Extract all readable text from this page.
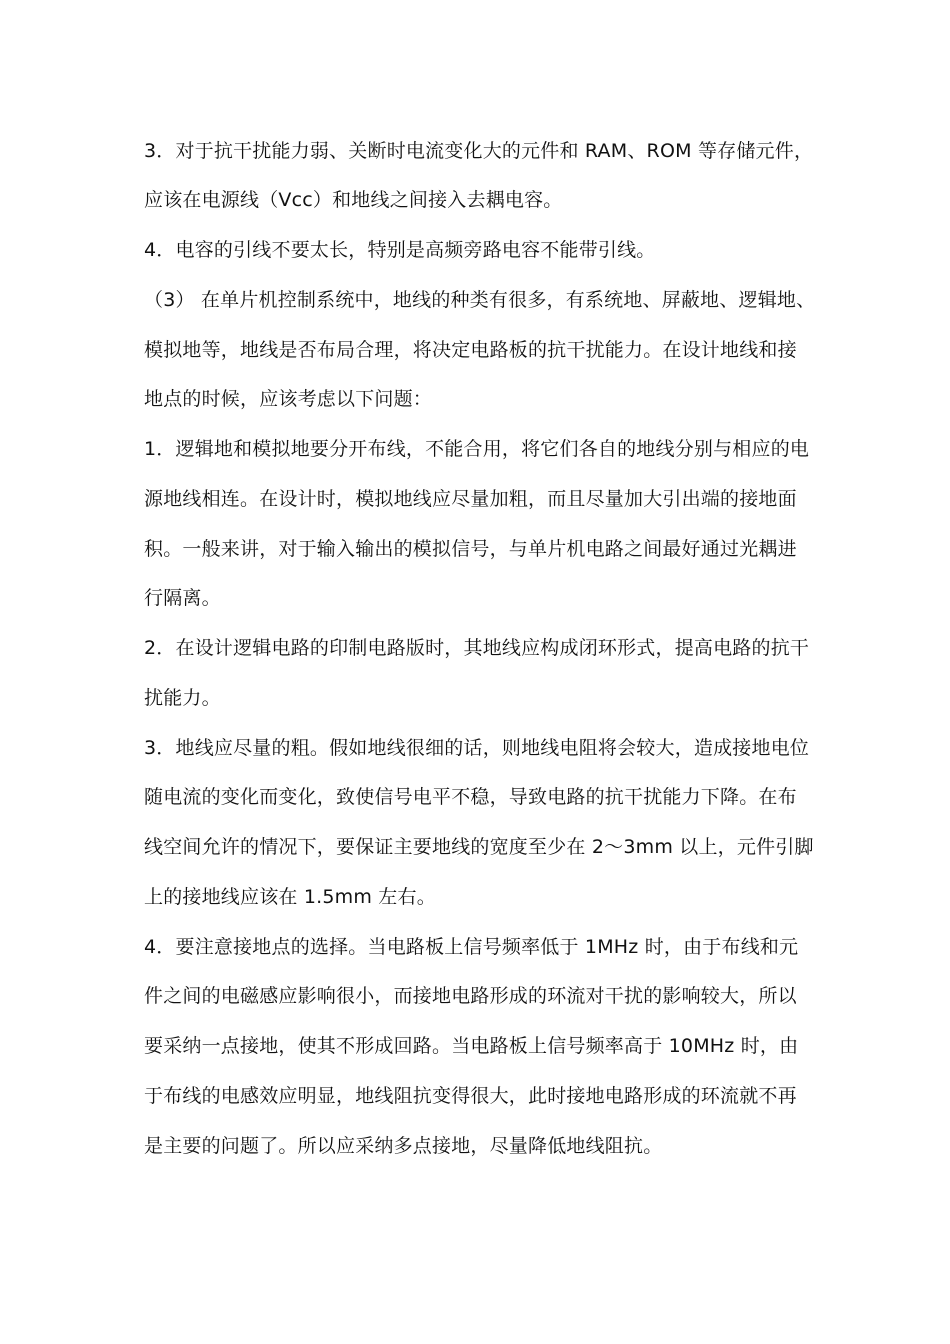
3．对于抗干扰能力弱、关断时电流变化大的元件和 RAM、ROM 等存储元件，
应该在电源线（Vcc）和地线之间接入去耦电容。
4．电容的引线不要太长，特别是高频旁路电容不能带引线。
（3） 在单片机控制系统中，地线的种类有很多，有系统地、屏蔽地、逻辑地、
模拟地等，地线是否布局合理，将决定电路板的抗干扰能力。在设计地线和接
地点的时候，应该考虑以下问题：
1．逻辑地和模拟地要分开布线，不能合用，将它们各自的地线分别与相应的电
源地线相连。在设计时，模拟地线应尽量加粗，而且尽量加大引出端的接地面
积。一般来讲，对于输入输出的模拟信号，与单片机电路之间最好通过光耦进
行隔离。
2．在设计逻辑电路的印制电路版时，其地线应构成闭环形式，提高电路的抗干
扰能力。
3．地线应尽量的粗。假如地线很细的话，则地线电阻将会较大，造成接地电位
随电流的变化而变化，致使信号电平不稳，导致电路的抗干扰能力下降。在布
线空间允许的情况下，要保证主要地线的宽度至少在 2～3mm 以上，元件引脚
上的接地线应该在 1.5mm 左右。
4．要注意接地点的选择。当电路板上信号频率低于 1MHz 时，由于布线和元
件之间的电磁感应影响很小，而接地电路形成的环流对干扰的影响较大，所以
要采纳一点接地，使其不形成回路。当电路板上信号频率高于 10MHz 时，由
于布线的电感效应明显，地线阻抗变得很大，此时接地电路形成的环流就不再
是主要的问题了。所以应采纳多点接地，尽量降低地线阻抗。
